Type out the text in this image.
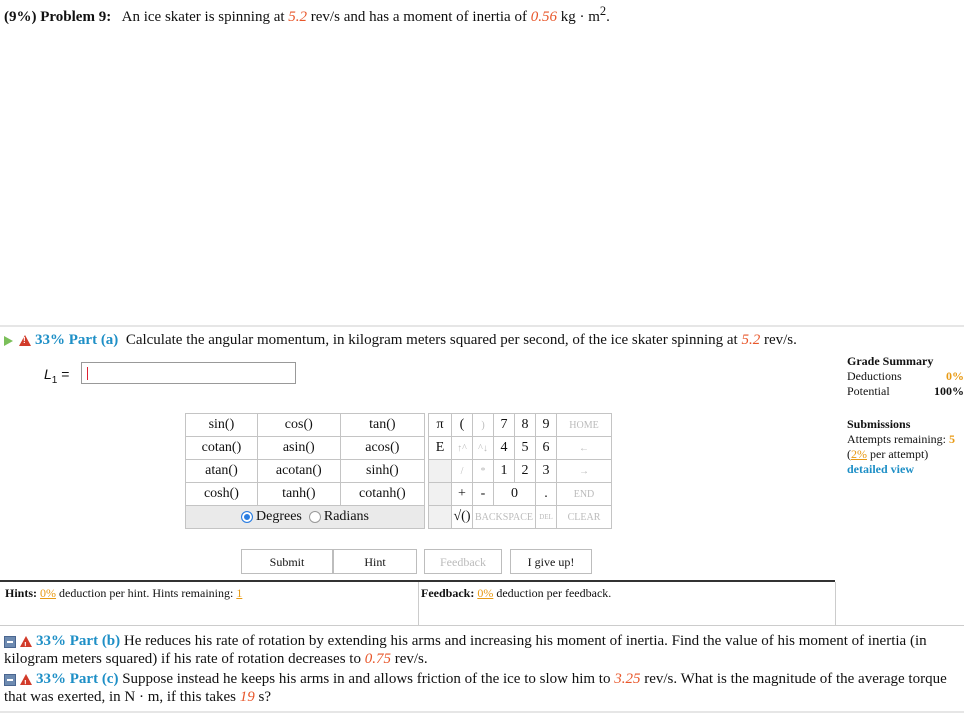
(9%) Problem 9: An ice skater is spinning at 5.2 rev/s and has a moment of inertia of 0.56 kg · $m^2$.
!33% Part (a) Calculate the angular momentum, in kilogram meters squared per second, of the ice skater spinning at 5.2 rev/s.
$L_1$ =
Grade Summary
Deductions	0%
Potential	100%
Submissions
Attempts remaining: 5
(2% per attempt)
detailed view
sin()	cos()	tan()
cotan()	asin()	acos()
atan()	acotan()	sinh()
cosh()	tanh()	cotanh()
Degrees Radians		
π	(	)	7	8	9	HOME
E	↑^	^↓	4	5	6	←
	/	*	1	2	3	→
	+	-	0		.	END
	√()	BACKSPACE			DEL	CLEAR
Submit	Hint	Feedback	I give up!
Hints: 0% deduction per hint. Hints remaining: 1	Feedback: 0% deduction per feedback.
!33% Part (b) He reduces his rate of rotation by extending his arms and increasing his moment of inertia. Find the value of his moment of inertia (in kilogram meters squared) if his rate of rotation decreases to 0.75 rev/s.
!33% Part (c) Suppose instead he keeps his arms in and allows friction of the ice to slow him to 3.25 rev/s. What is the magnitude of the average torque that was exerted, in N · m, if this takes 19 s?
